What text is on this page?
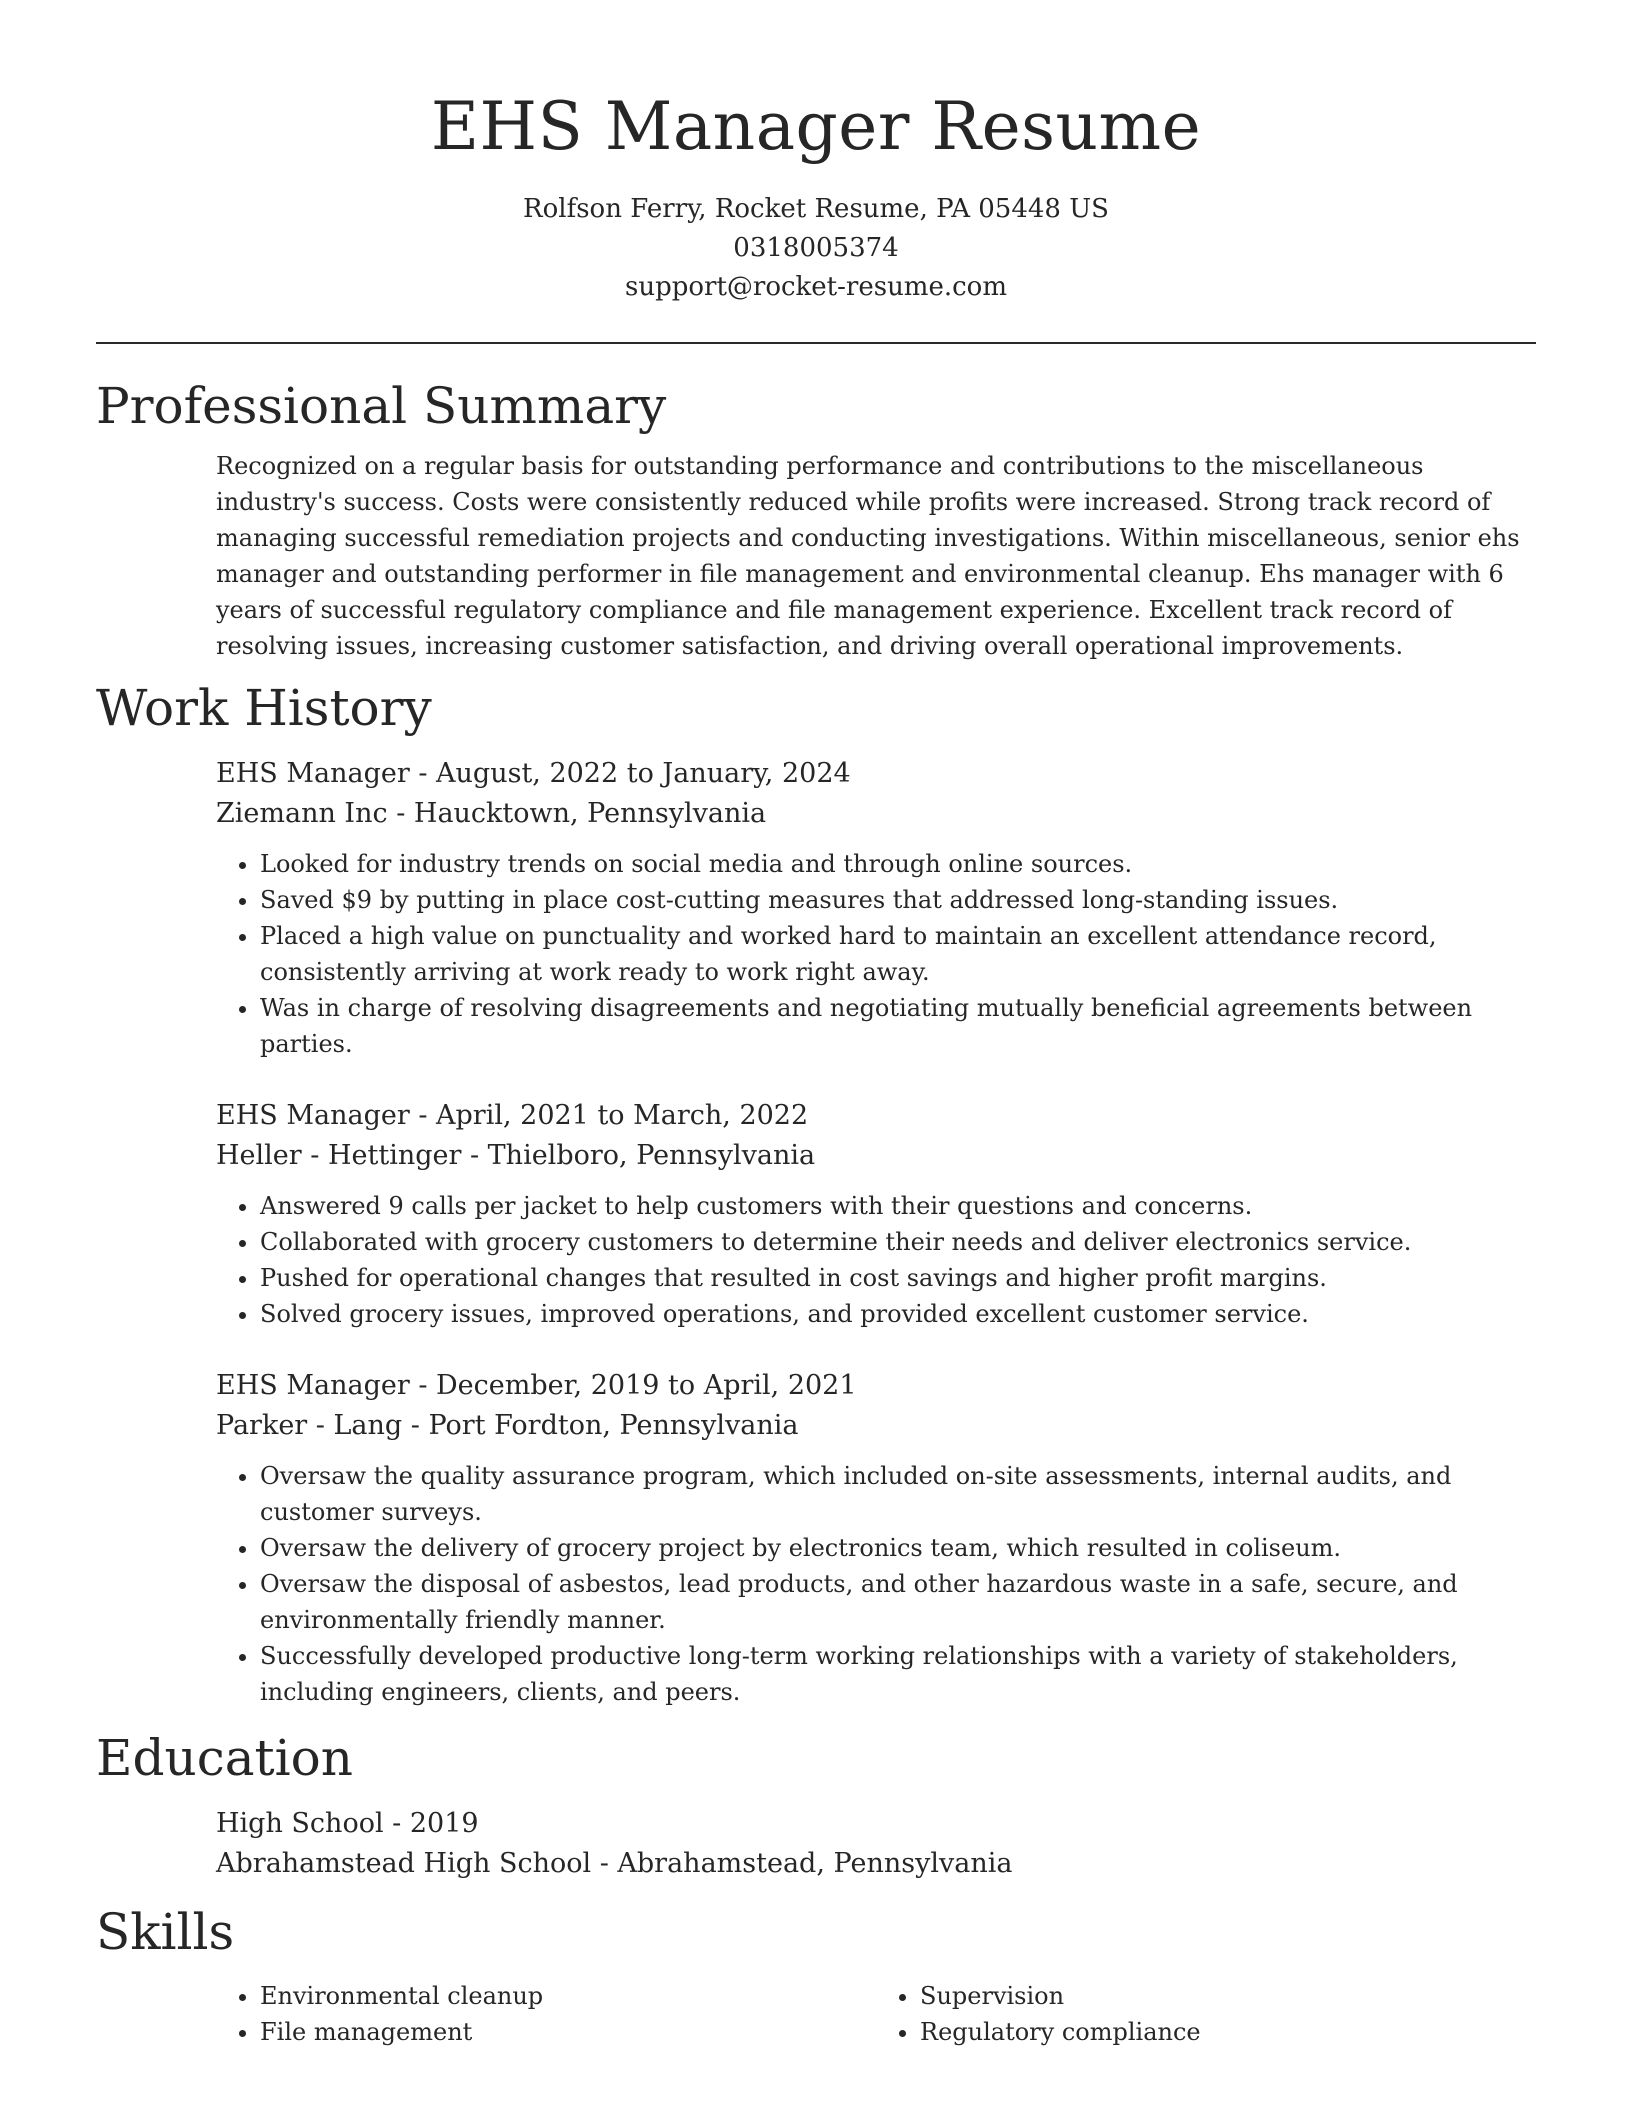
EHS Manager Resume

Rolfson Ferry, Rocket Resume, PA 05448 US

0318005374

support@rocket-resume.com

Professional Summary

Recognized on a regular basis for outstanding performance and contributions to the miscellaneous industry's success. Costs were consistently reduced while profits were increased. Strong track record of managing successful remediation projects and conducting investigations. Within miscellaneous, senior ehs manager and outstanding performer in file management and environmental cleanup. Ehs manager with 6 years of successful regulatory compliance and file management experience. Excellent track record of resolving issues, increasing customer satisfaction, and driving overall operational improvements.

Work History

EHS Manager - August, 2022 to January, 2024

Ziemann Inc - Haucktown, Pennsylvania

• Looked for industry trends on social media and through online sources.
• Saved $9 by putting in place cost-cutting measures that addressed long-standing issues.
• Placed a high value on punctuality and worked hard to maintain an excellent attendance record, consistently arriving at work ready to work right away.
• Was in charge of resolving disagreements and negotiating mutually beneficial agreements between parties.

EHS Manager - April, 2021 to March, 2022

Heller - Hettinger - Thielboro, Pennsylvania

• Answered 9 calls per jacket to help customers with their questions and concerns.
• Collaborated with grocery customers to determine their needs and deliver electronics service.
• Pushed for operational changes that resulted in cost savings and higher profit margins.
• Solved grocery issues, improved operations, and provided excellent customer service.

EHS Manager - December, 2019 to April, 2021

Parker - Lang - Port Fordton, Pennsylvania

• Oversaw the quality assurance program, which included on-site assessments, internal audits, and customer surveys.
• Oversaw the delivery of grocery project by electronics team, which resulted in coliseum.
• Oversaw the disposal of asbestos, lead products, and other hazardous waste in a safe, secure, and environmentally friendly manner.
• Successfully developed productive long-term working relationships with a variety of stakeholders, including engineers, clients, and peers.
Education

High School - 2019

Abrahamstead High School - Abrahamstead, Pennsylvania

Skills
• Environmental cleanup
• File management
• Supervision
• Regulatory compliance
